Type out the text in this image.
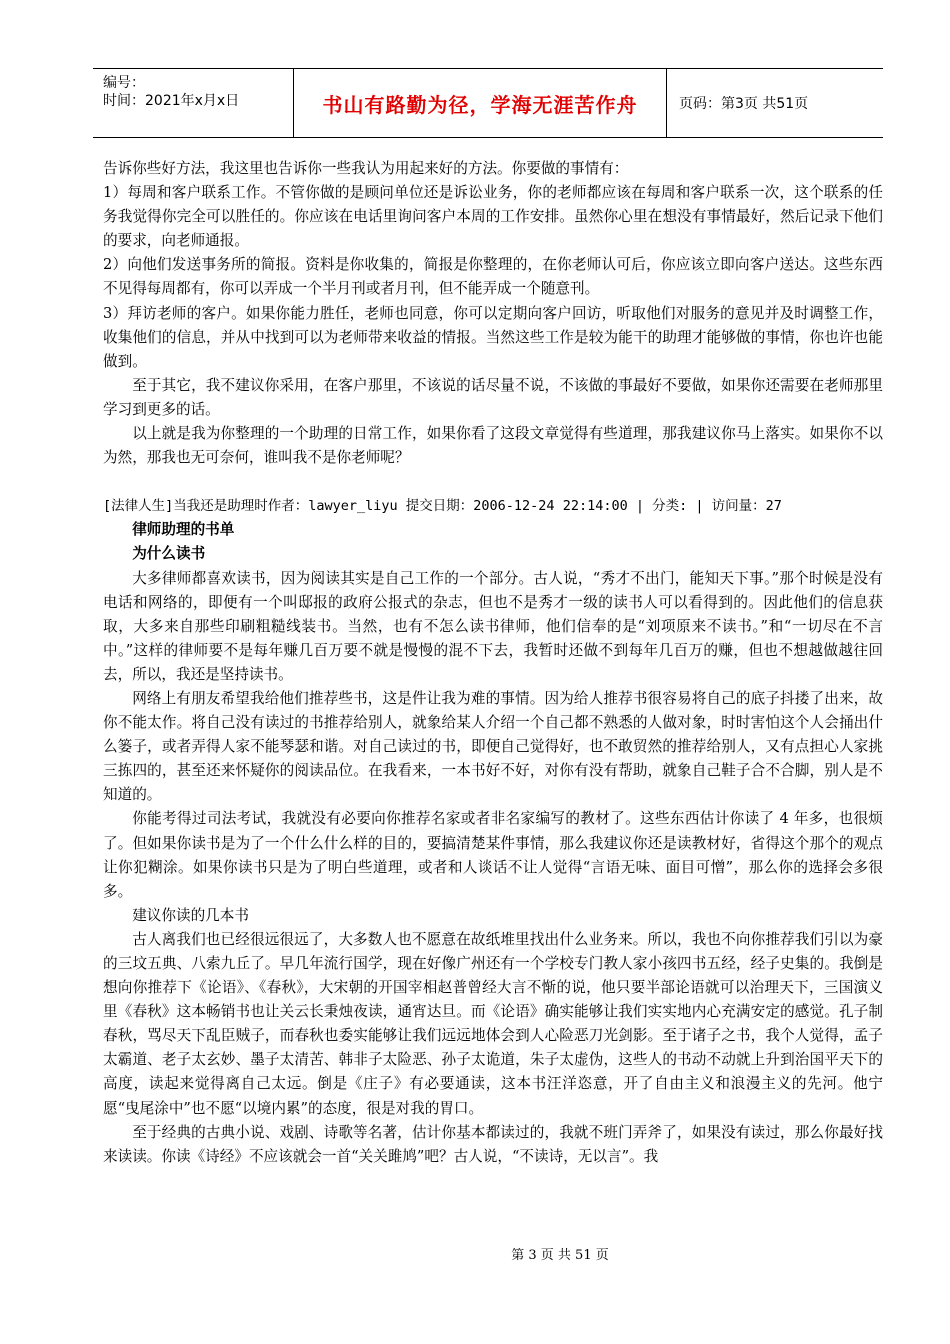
编号：
时间：2021年x月x日	书山有路勤为径，学海无涯苦作舟	页码：第3页 共51页

告诉你些好方法，我这里也告诉你一些我认为用起来好的方法。你要做的事情有：

1）每周和客户联系工作。不管你做的是顾问单位还是诉讼业务，你的老师都应该在每周和客户联系一次，这个联系的任务我觉得你完全可以胜任的。你应该在电话里询问客户本周的工作安排。虽然你心里在想没有事情最好，然后记录下他们的要求，向老师通报。

2）向他们发送事务所的简报。资料是你收集的，简报是你整理的，在你老师认可后，你应该立即向客户送达。这些东西不见得每周都有，你可以弄成一个半月刊或者月刊，但不能弄成一个随意刊。

3）拜访老师的客户。如果你能力胜任，老师也同意，你可以定期向客户回访，听取他们对服务的意见并及时调整工作，收集他们的信息，并从中找到可以为老师带来收益的情报。当然这些工作是较为能干的助理才能够做的事情，你也许也能做到。

至于其它，我不建议你采用，在客户那里，不该说的话尽量不说，不该做的事最好不要做，如果你还需要在老师那里学习到更多的话。

以上就是我为你整理的一个助理的日常工作，如果你看了这段文章觉得有些道理，那我建议你马上落实。如果你不以为然，那我也无可奈何，谁叫我不是你老师呢？

[法律人生]当我还是助理时作者：lawyer_liyu 提交日期：2006-12-24 22:14:00 | 分类: | 访问量：27

律师助理的书单

为什么读书

大多律师都喜欢读书，因为阅读其实是自己工作的一个部分。古人说，“秀才不出门，能知天下事。”那个时候是没有电话和网络的，即便有一个叫邸报的政府公报式的杂志，但也不是秀才一级的读书人可以看得到的。因此他们的信息获取，大多来自那些印刷粗糙线装书。当然，也有不怎么读书律师，他们信奉的是“刘项原来不读书。”和“一切尽在不言中。”这样的律师要不是每年赚几百万要不就是慢慢的混不下去，我暂时还做不到每年几百万的赚，但也不想越做越往回去，所以，我还是坚持读书。

网络上有朋友希望我给他们推荐些书，这是件让我为难的事情。因为给人推荐书很容易将自己的底子抖搂了出来，故你不能太作。将自己没有读过的书推荐给别人，就象给某人介绍一个自己都不熟悉的人做对象，时时害怕这个人会捅出什么篓子，或者弄得人家不能琴瑟和谐。对自己读过的书，即便自己觉得好，也不敢贸然的推荐给别人，又有点担心人家挑三拣四的，甚至还来怀疑你的阅读品位。在我看来，一本书好不好，对你有没有帮助，就象自己鞋子合不合脚，别人是不知道的。

你能考得过司法考试，我就没有必要向你推荐名家或者非名家编写的教材了。这些东西估计你读了 4 年多，也很烦了。但如果你读书是为了一个什么什么样的目的，要搞清楚某件事情，那么我建议你还是读教材好，省得这个那个的观点让你犯糊涂。如果你读书只是为了明白些道理，或者和人谈话不让人觉得“言语无味、面目可憎”，那么你的选择会多很多。

建议你读的几本书

古人离我们也已经很远很远了，大多数人也不愿意在故纸堆里找出什么业务来。所以，我也不向你推荐我们引以为豪的三坟五典、八索九丘了。早几年流行国学，现在好像广州还有一个学校专门教人家小孩四书五经，经子史集的。我倒是想向你推荐下《论语》、《春秋》，大宋朝的开国宰相赵普曾经大言不惭的说，他只要半部论语就可以治理天下，三国演义里《春秋》这本畅销书也让关云长秉烛夜读，通宵达旦。而《论语》确实能够让我们实实地内心充满安定的感觉。孔子制春秋，骂尽天下乱臣贼子，而春秋也委实能够让我们远远地体会到人心险恶刀光剑影。至于诸子之书，我个人觉得，孟子太霸道、老子太玄妙、墨子太清苦、韩非子太险恶、孙子太诡道，朱子太虚伪，这些人的书动不动就上升到治国平天下的高度，读起来觉得离自己太远。倒是《庄子》有必要通读，这本书汪洋恣意，开了自由主义和浪漫主义的先河。他宁愿“曳尾涂中”也不愿“以境内累”的态度，很是对我的胃口。

至于经典的古典小说、戏剧、诗歌等名著，估计你基本都读过的，我就不班门弄斧了，如果没有读过，那么你最好找来读读。你读《诗经》不应该就会一首“关关雎鸠”吧？古人说，“不读诗，无以言”。我

第 3 页 共 51 页
